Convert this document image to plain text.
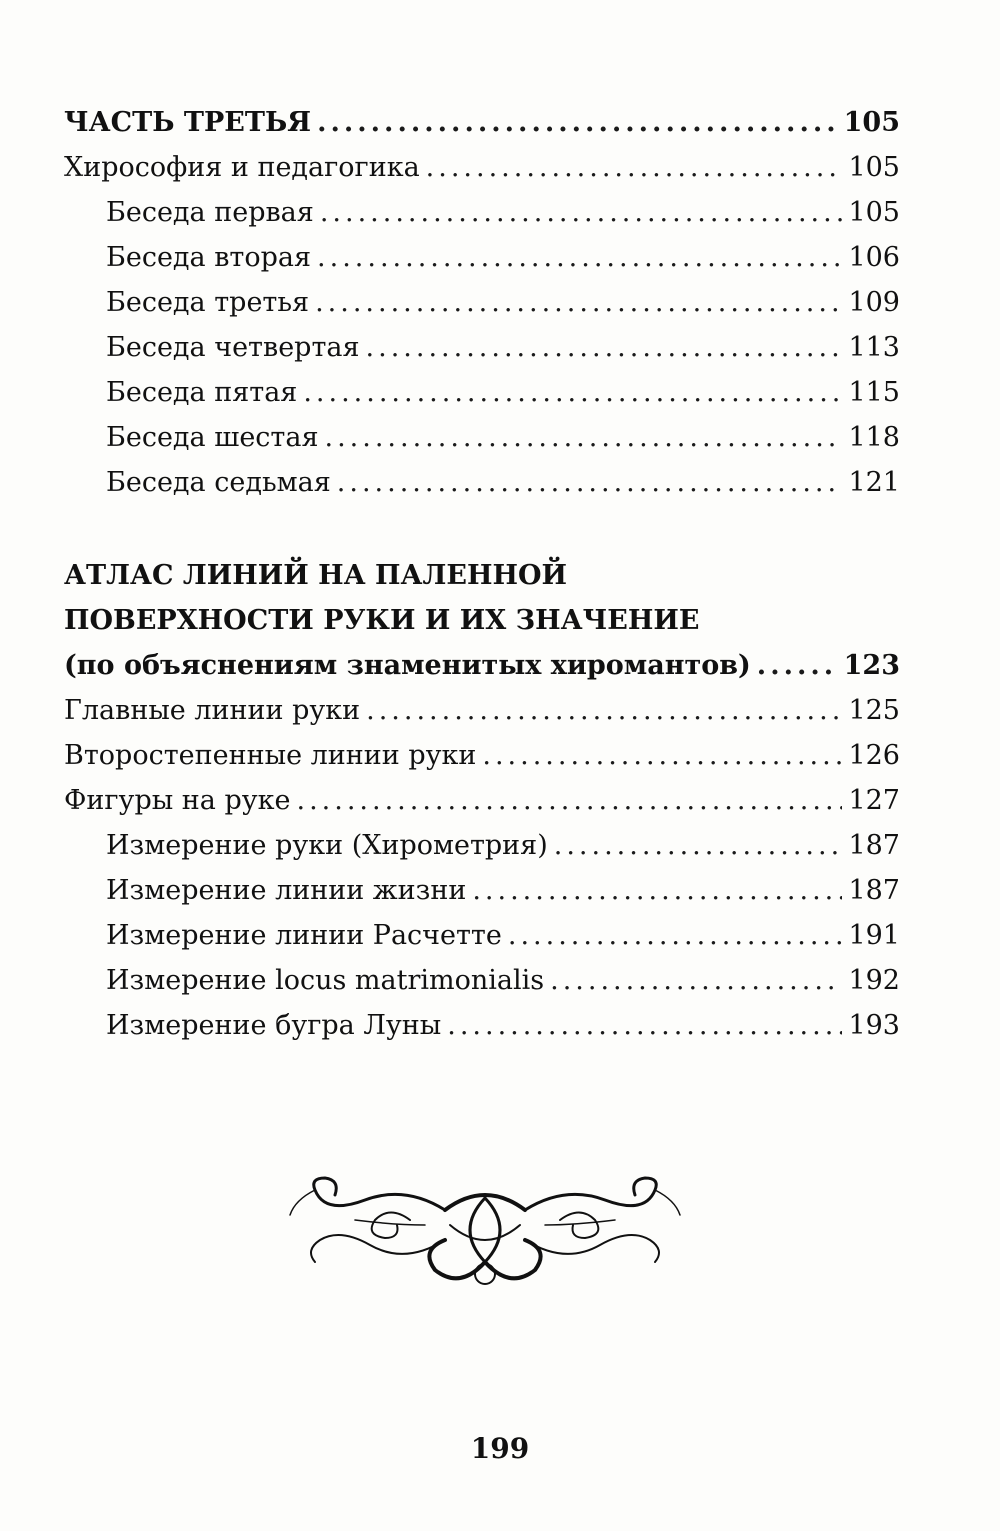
ЧАСТЬ ТРЕТЬЯ .....	105
Хирософия и педагогика .....	105
Беседа первая .....	105
Беседа вторая .....	106
Беседа третья .....	109
Беседа четвертая .....	113
Беседа пятая .....	115
Беседа шестая .....	118
Беседа седьмая .....	121
АТЛАС ЛИНИЙ НА ПАЛЕННОЙ
ПОВЕРХНОСТИ РУКИ И ИХ ЗНАЧЕНИЕ
(по объяснениям знаменитых хиромантов) .....	123
Главные линии руки .....	125
Второстепенные линии руки .....	126
Фигуры на руке .....	127
Измерение руки (Хирометрия) .....	187
Измерение линии жизни .....	187
Измерение линии Расчетте .....	191
Измерение locus matrimonialis .....	192
Измерение бугра Луны .....	193
199
